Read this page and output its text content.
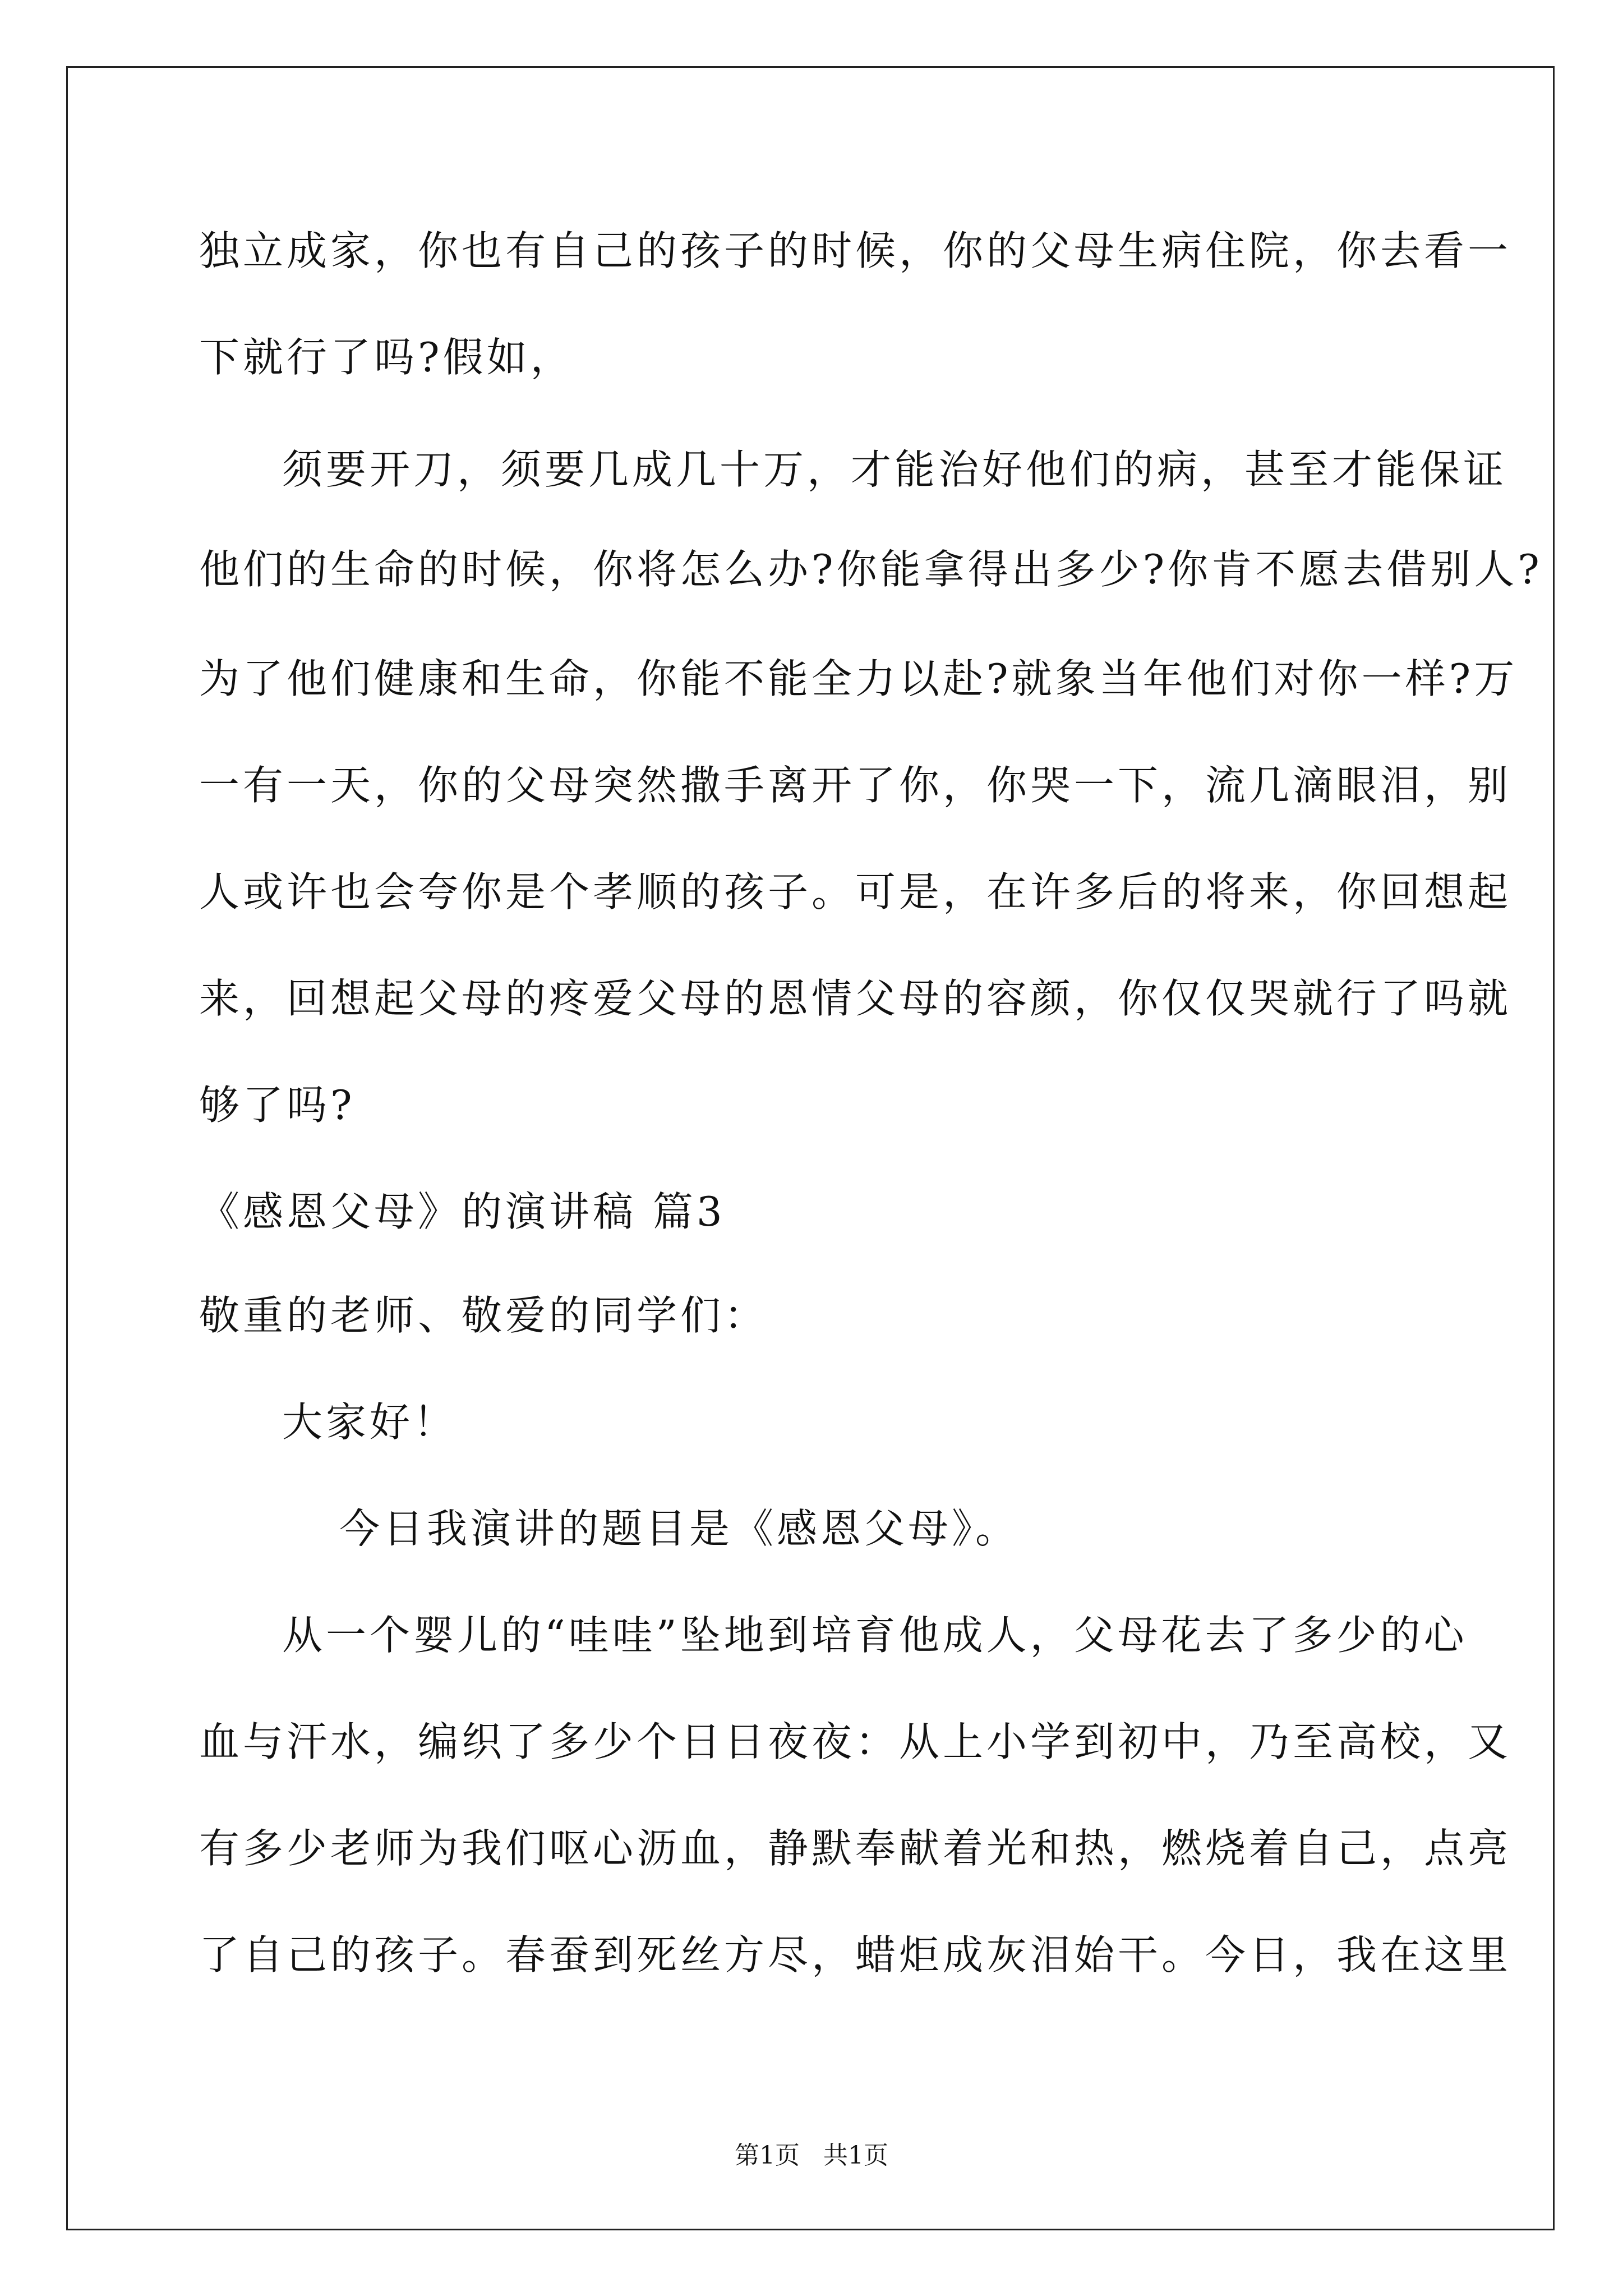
独立成家，你也有自己的孩子的时候，你的父母生病住院，你去看一
下就行了吗?假如，
须要开刀，须要几成几十万，才能治好他们的病，甚至才能保证
他们的生命的时候，你将怎么办?你能拿得出多少?你肯不愿去借别人?
为了他们健康和生命，你能不能全力以赴?就象当年他们对你一样?万
一有一天，你的父母突然撒手离开了你，你哭一下，流几滴眼泪，别
人或许也会夸你是个孝顺的孩子。可是，在许多后的将来，你回想起
来，回想起父母的疼爱父母的恩情父母的容颜，你仅仅哭就行了吗就
够了吗?
《感恩父母》的演讲稿 篇3
敬重的老师、敬爱的同学们：
大家好！
今日我演讲的题目是《感恩父母》。
从一个婴儿的“哇哇”坠地到培育他成人，父母花去了多少的心
血与汗水，编织了多少个日日夜夜：从上小学到初中，乃至高校，又
有多少老师为我们呕心沥血，静默奉献着光和热，燃烧着自己，点亮
了自己的孩子。春蚕到死丝方尽，蜡炬成灰泪始干。今日，我在这里
第1页   共1页
